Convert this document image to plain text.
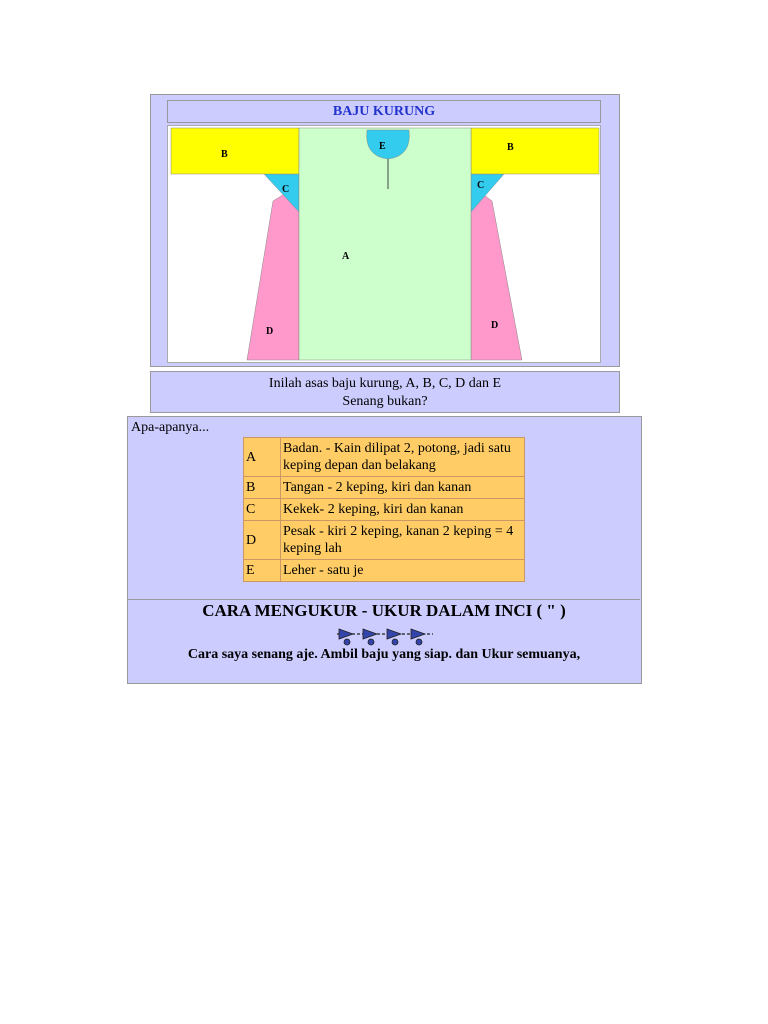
BAJU KURUNG
B
B
E
C	C
A
D
D
Inilah asas baju kurung, A, B, C, D dan E
Senang bukan?
Apa-apanya...
A	Badan. - Kain dilipat 2, potong, jadi satu keping depan dan belakang
B	Tangan - 2 keping, kiri dan kanan
C	Kekek- 2 keping, kiri dan kanan
D	Pesak - kiri 2 keping, kanan 2 keping = 4 keping lah
E	Leher - satu je
CARA MENGUKUR - UKUR DALAM INCI ( " )
Cara saya senang aje. Ambil baju yang siap. dan Ukur semuanya,
